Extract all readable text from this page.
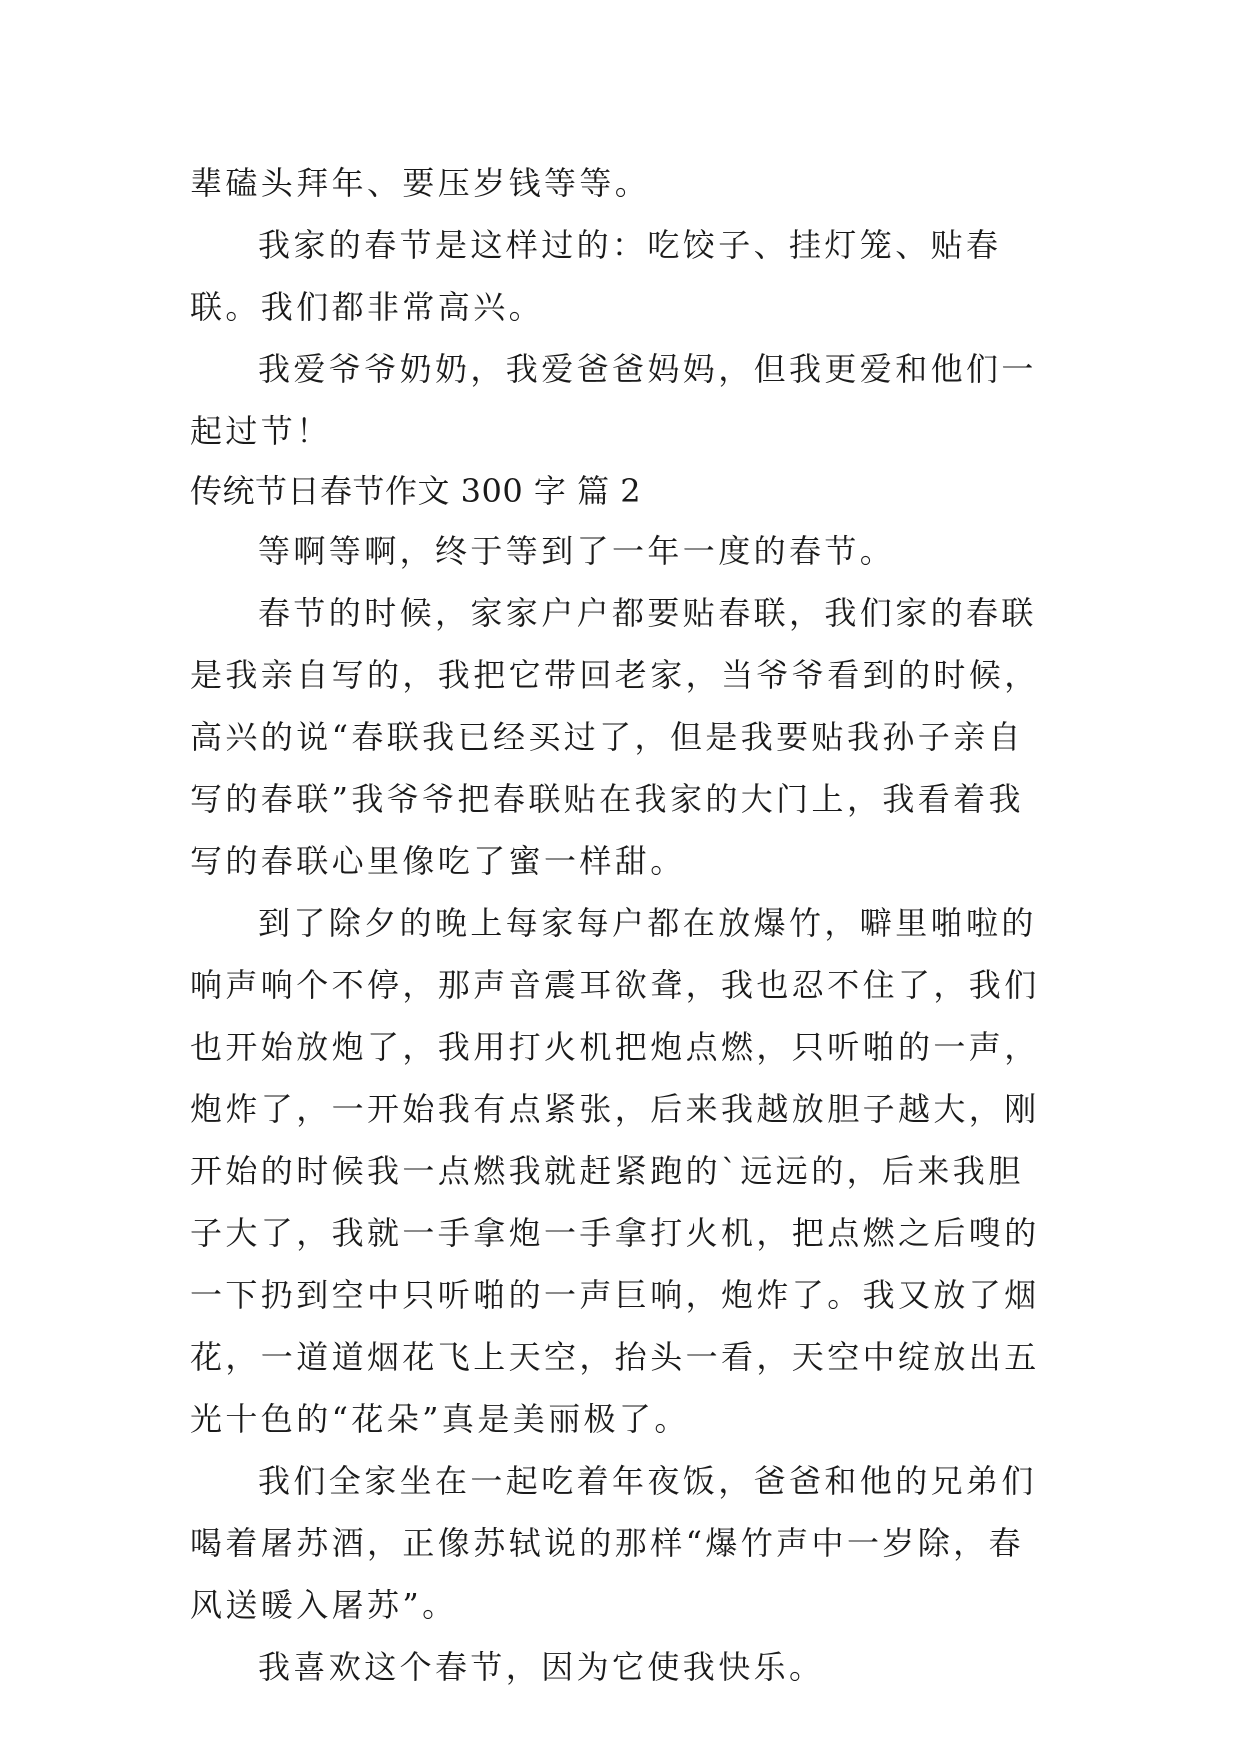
辈磕头拜年、要压岁钱等等。

我家的春节是这样过的：吃饺子、挂灯笼、贴春联。我们都非常高兴。

我爱爷爷奶奶，我爱爸爸妈妈，但我更爱和他们一起过节！

传统节日春节作文 300 字 篇 2

等啊等啊，终于等到了一年一度的春节。

春节的时候，家家户户都要贴春联，我们家的春联是我亲自写的，我把它带回老家，当爷爷看到的时候，高兴的说“春联我已经买过了，但是我要贴我孙子亲自写的春联”我爷爷把春联贴在我家的大门上，我看着我写的春联心里像吃了蜜一样甜。

到了除夕的晚上每家每户都在放爆竹，噼里啪啦的响声响个不停，那声音震耳欲聋，我也忍不住了，我们也开始放炮了，我用打火机把炮点燃，只听啪的一声，炮炸了，一开始我有点紧张，后来我越放胆子越大，刚开始的时候我一点燃我就赶紧跑的`远远的，后来我胆子大了，我就一手拿炮一手拿打火机，把点燃之后嗖的一下扔到空中只听啪的一声巨响，炮炸了。我又放了烟花，一道道烟花飞上天空，抬头一看，天空中绽放出五光十色的“花朵”真是美丽极了。

我们全家坐在一起吃着年夜饭，爸爸和他的兄弟们喝着屠苏酒，正像苏轼说的那样“爆竹声中一岁除，春风送暖入屠苏”。

我喜欢这个春节，因为它使我快乐。
